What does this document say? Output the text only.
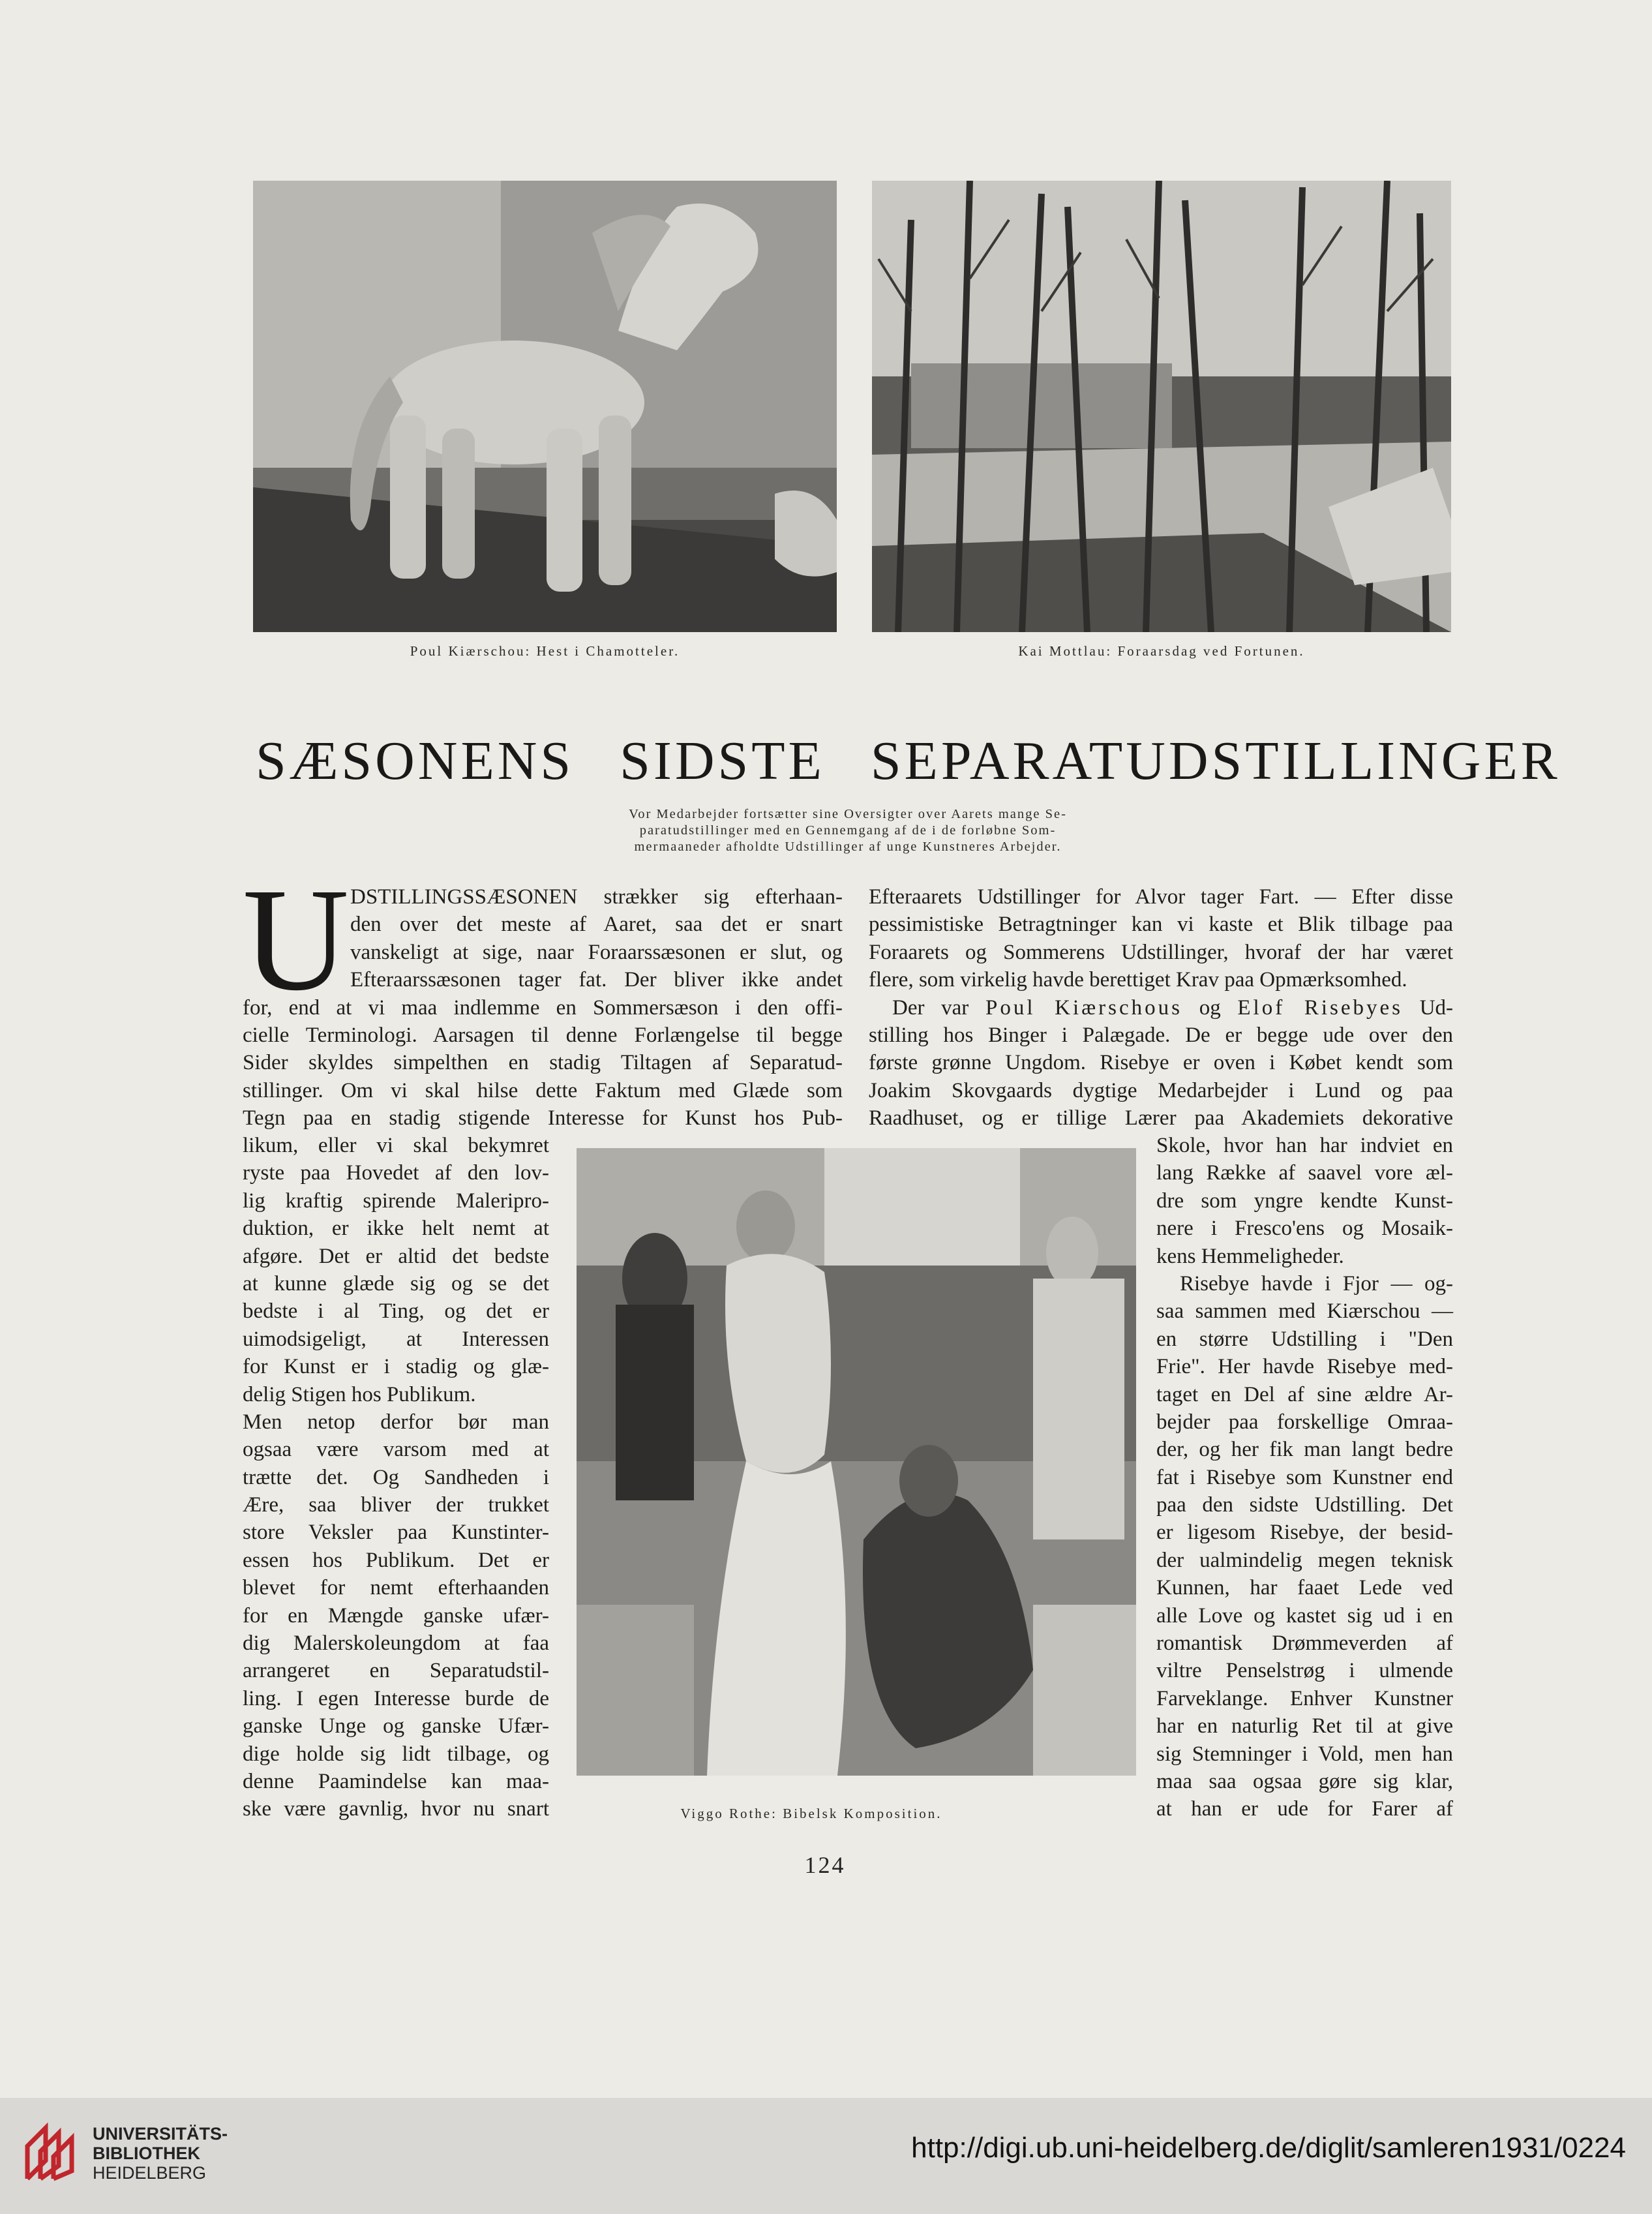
Poul Kiærschou: Hest i Chamotteler.	Kai Mottlau: Foraarsdag ved Fortunen.
SÆSONENS SIDSTE SEPARATUDSTILLINGER
Vor Medarbejder fortsætter sine Oversigter over Aarets mange Se-
paratudstillinger med en Gennemgang af de i de forløbne Som-
mermaaneder afholdte Udstillinger af unge Kunstneres Arbejder.
U DSTILLINGSSÆSONEN strækker sig efterhaan-
den over det meste af Aaret, saa det er snart
vanskeligt at sige, naar Foraarssæsonen er slut, og
Efteraarssæsonen tager fat. Der bliver ikke andet
for, end at vi maa indlemme en Sommersæson i den offi-
cielle Terminologi. Aarsagen til denne Forlængelse til begge
Sider skyldes simpelthen en stadig Tiltagen af Separatud-
stillinger. Om vi skal hilse dette Faktum med Glæde som
Tegn paa en stadig stigende Interesse for Kunst hos Pub-
likum, eller vi skal bekymret
ryste paa Hovedet af den lov-
lig kraftig spirende Maleripro-
duktion, er ikke helt nemt at
afgøre. Det er altid det bedste
at kunne glæde sig og se det
bedste i al Ting, og det er
uimodsigeligt, at Interessen
for Kunst er i stadig og glæ-
delig Stigen hos Publikum.
Men netop derfor bør man
ogsaa være varsom med at
trætte det. Og Sandheden i
Ære, saa bliver der trukket
store Veksler paa Kunstinter-
essen hos Publikum. Det er
blevet for nemt efterhaanden
for en Mængde ganske ufær-
dig Malerskoleungdom at faa
arrangeret en Separatudstil-
ling. I egen Interesse burde de
ganske Unge og ganske Ufær-
dige holde sig lidt tilbage, og
denne Paamindelse kan maa-
ske være gavnlig, hvor nu snart
Efteraarets Udstillinger for Alvor tager Fart. — Efter disse
pessimistiske Betragtninger kan vi kaste et Blik tilbage paa
Foraarets og Sommerens Udstillinger, hvoraf der har været
flere, som virkelig havde berettiget Krav paa Opmærksomhed.
Der var Poul Kiærschous og Elof Risebyes Ud-
stilling hos Binger i Palægade. De er begge ude over den
første grønne Ungdom. Risebye er oven i Købet kendt som
Joakim Skovgaards dygtige Medarbejder i Lund og paa
Raadhuset, og er tillige Lærer paa Akademiets dekorative
Skole, hvor han har indviet en
lang Række af saavel vore æl-
dre som yngre kendte Kunst-
nere i Fresco'ens og Mosaik-
kens Hemmeligheder.
Risebye havde i Fjor — og-
saa sammen med Kiærschou —
en større Udstilling i "Den
Frie". Her havde Risebye med-
taget en Del af sine ældre Ar-
bejder paa forskellige Omraa-
der, og her fik man langt bedre
fat i Risebye som Kunstner end
paa den sidste Udstilling. Det
er ligesom Risebye, der besid-
der ualmindelig megen teknisk
Kunnen, har faaet Lede ved
alle Love og kastet sig ud i en
romantisk Drømmeverden af
viltre Penselstrøg i ulmende
Farveklange. Enhver Kunstner
har en naturlig Ret til at give
sig Stemninger i Vold, men han
maa saa ogsaa gøre sig klar,
at han er ude for Farer af
Viggo Rothe: Bibelsk Komposition.
124
UNIVERSITÄTS-
BIBLIOTHEK
HEIDELBERG
http://digi.ub.uni-heidelberg.de/diglit/samleren1931/0224
